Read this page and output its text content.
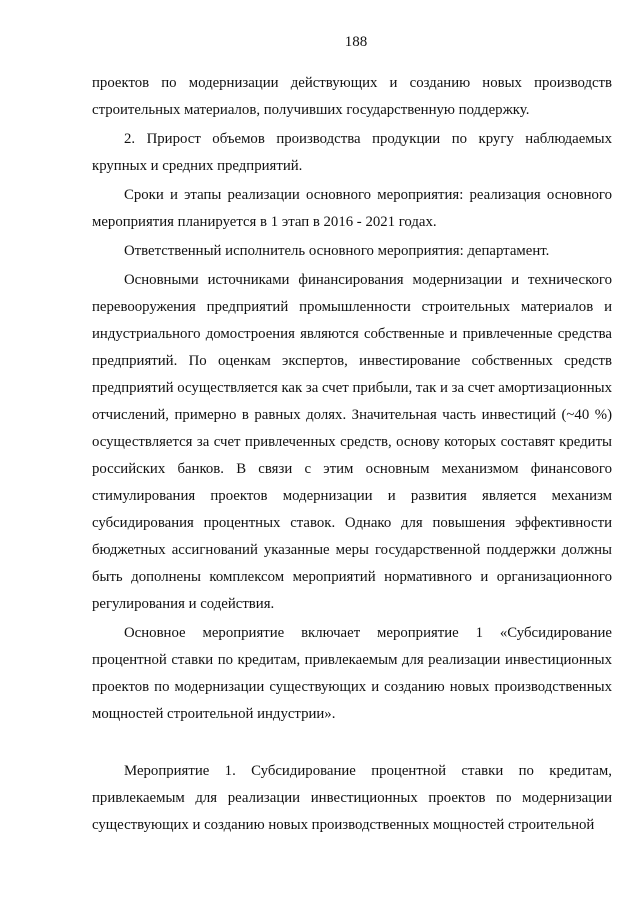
188

проектов по модернизации действующих и созданию новых производств строительных материалов, получивших государственную поддержку.

2. Прирост объемов производства продукции по кругу наблюдаемых крупных и средних предприятий.

Сроки и этапы реализации основного мероприятия: реализация основного мероприятия планируется в 1 этап в 2016 - 2021 годах.

Ответственный исполнитель основного мероприятия: департамент.

Основными источниками финансирования модернизации и технического перевооружения предприятий промышленности строительных материалов и индустриального домостроения являются собственные и привлеченные средства предприятий. По оценкам экспертов, инвестирование собственных средств предприятий осуществляется как за счет прибыли, так и за счет амортизационных отчислений, примерно в равных долях. Значительная часть инвестиций (~40 %) осуществляется за счет привлеченных средств, основу которых составят кредиты российских банков. В связи с этим основным механизмом финансового стимулирования проектов модернизации и развития является механизм субсидирования процентных ставок. Однако для повышения эффективности бюджетных ассигнований указанные меры государственной поддержки должны быть дополнены комплексом мероприятий нормативного и организационного регулирования и содействия.

Основное мероприятие включает мероприятие 1 «Субсидирование процентной ставки по кредитам, привлекаемым для реализации инвестиционных проектов по модернизации существующих и созданию новых производственных мощностей строительной индустрии».

Мероприятие 1. Субсидирование процентной ставки по кредитам, привлекаемым для реализации инвестиционных проектов по модернизации существующих и созданию новых производственных мощностей строительной
